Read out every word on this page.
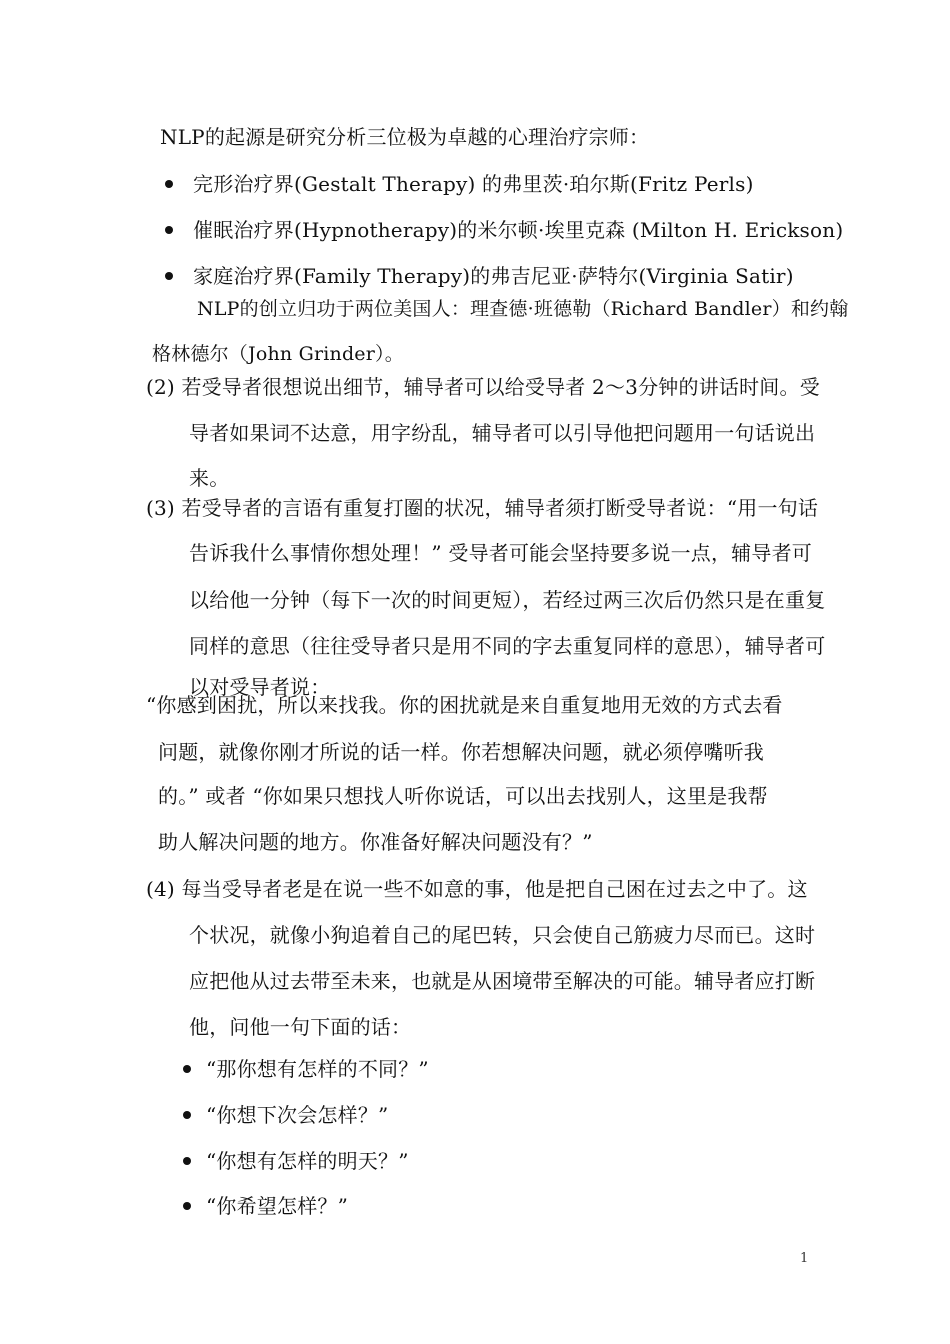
NLP的起源是研究分析三位极为卓越的心理治疗宗师：
完形治疗界(Gestalt Therapy) 的弗里茨·珀尔斯(Fritz Perls)
催眠治疗界(Hypnotherapy)的米尔顿·埃里克森 (Milton H. Erickson)
家庭治疗界(Family Therapy)的弗吉尼亚·萨特尔(Virginia Satir)
NLP的创立归功于两位美国人：理查德·班德勒（Richard Bandler）和约翰
格林德尔（John Grinder）。
(2) 若受导者很想说出细节，辅导者可以给受导者 2～3分钟的讲话时间。受
导者如果词不达意，用字纷乱，辅导者可以引导他把问题用一句话说出
来。
(3) 若受导者的言语有重复打圈的状况，辅导者须打断受导者说：“用一句话
告诉我什么事情你想处理！” 受导者可能会坚持要多说一点，辅导者可
以给他一分钟（每下一次的时间更短），若经过两三次后仍然只是在重复
同样的意思（往往受导者只是用不同的字去重复同样的意思），辅导者可
以对受导者说：
“你感到困扰，所以来找我。你的困扰就是来自重复地用无效的方式去看
问题，就像你刚才所说的话一样。你若想解决问题，就必须停嘴听我
的。” 或者 “你如果只想找人听你说话，可以出去找别人，这里是我帮
助人解决问题的地方。你准备好解决问题没有？”
(4) 每当受导者老是在说一些不如意的事，他是把自己困在过去之中了。这
个状况，就像小狗追着自己的尾巴转，只会使自己筋疲力尽而已。这时
应把他从过去带至未来，也就是从困境带至解决的可能。辅导者应打断
他，问他一句下面的话：
“那你想有怎样的不同？”
“你想下次会怎样？”
“你想有怎样的明天？”
“你希望怎样？”
1
